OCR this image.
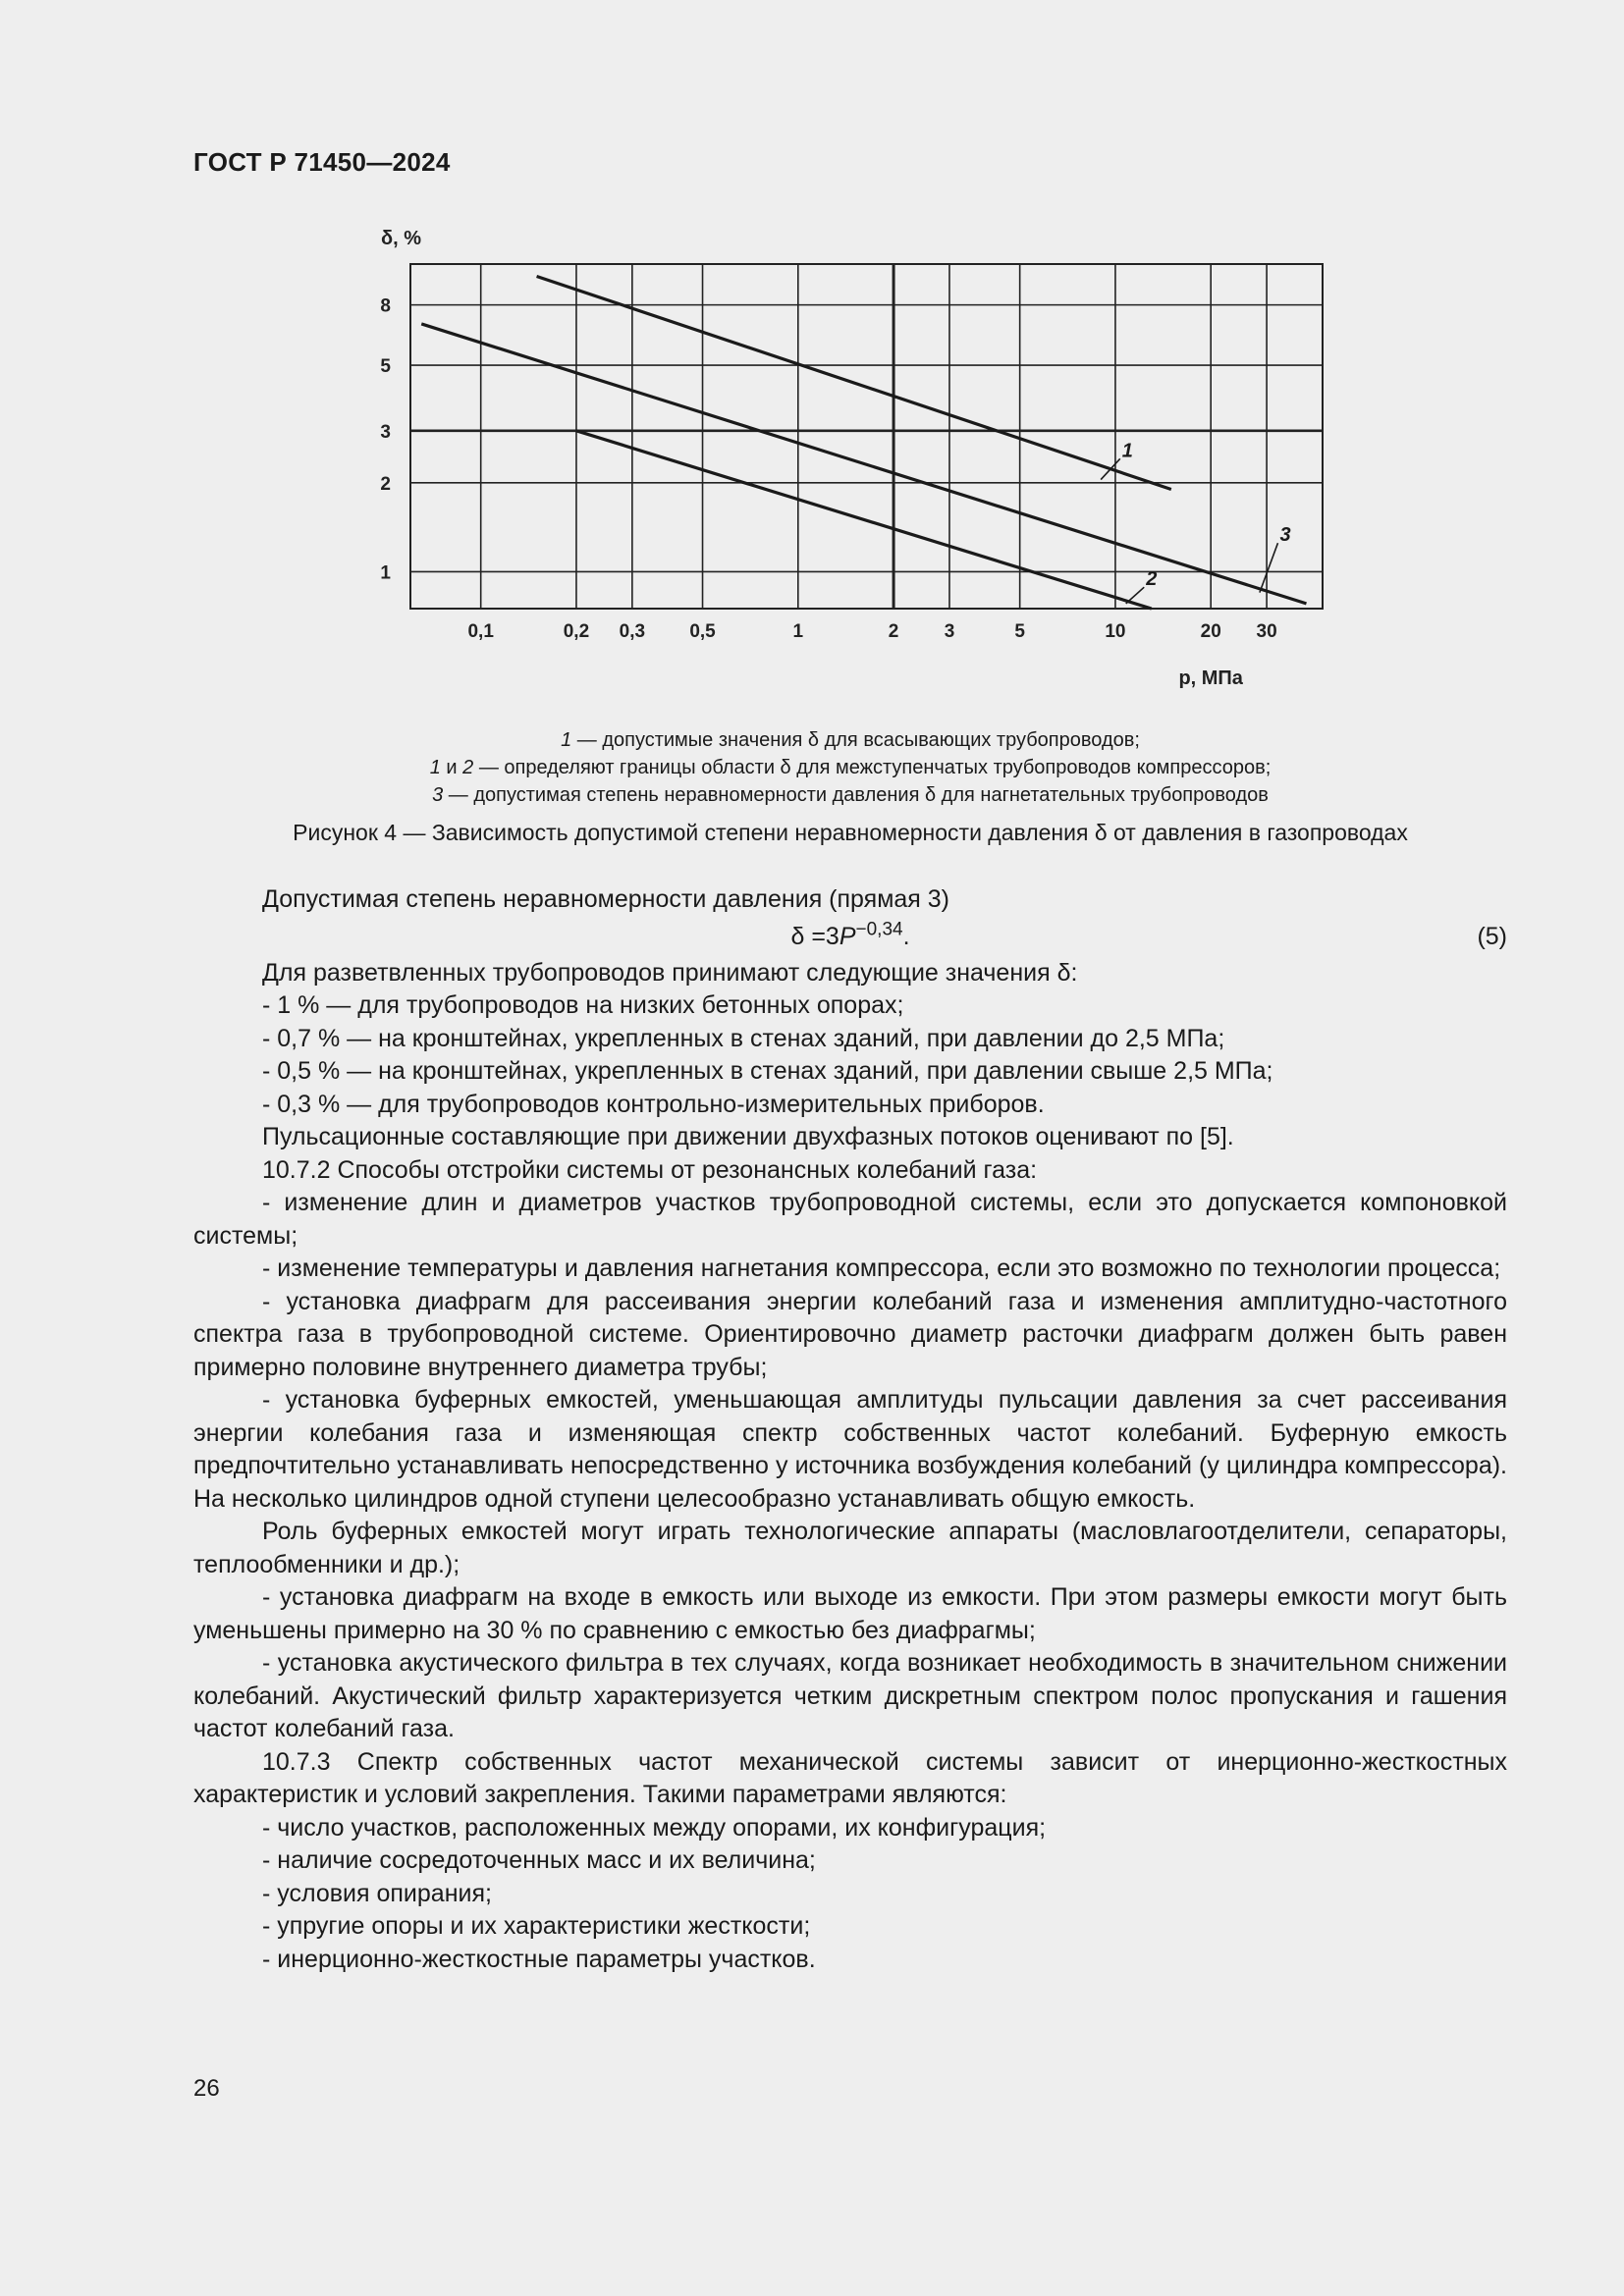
ГОСТ Р 71450—2024
0,1	0,2 0,3 0,5	1	2 3	5	10	20 30
8
5
3
2
1
δ, %
p, МПа
1
2
3
1 — допустимые значения δ для всасывающих трубопроводов;
1 и 2 — определяют границы области δ для межступенчатых трубопроводов компрессоров;
3 — допустимая степень неравномерности давления δ для нагнетательных трубопроводов
Рисунок 4 — Зависимость допустимой степени неравномерности давления δ от давления в газопроводах

Допустимая степень неравномерности давления (прямая 3)

$\delta =3P^{-0,34}$.	(5)

Для разветвленных трубопроводов принимают следующие значения δ:

- 1 % — для трубопроводов на низких бетонных опорах;

- 0,7 % — на кронштейнах, укрепленных в стенах зданий, при давлении до 2,5 МПа;

- 0,5 % — на кронштейнах, укрепленных в стенах зданий, при давлении свыше 2,5 МПа;

- 0,3 % — для трубопроводов контрольно-измерительных приборов.

Пульсационные составляющие при движении двухфазных потоков оценивают по [5].

10.7.2 Способы отстройки системы от резонансных колебаний газа:

- изменение длин и диаметров участков трубопроводной системы, если это допускается компоновкой системы;

- изменение температуры и давления нагнетания компрессора, если это возможно по технологии процесса;

- установка диафрагм для рассеивания энергии колебаний газа и изменения амплитудно-частотного спектра газа в трубопроводной системе. Ориентировочно диаметр расточки диафрагм должен быть равен примерно половине внутреннего диаметра трубы;

- установка буферных емкостей, уменьшающая амплитуды пульсации давления за счет рассеивания энергии колебания газа и изменяющая спектр собственных частот колебаний. Буферную емкость предпочтительно устанавливать непосредственно у источника возбуждения колебаний (у цилиндра компрессора). На несколько цилиндров одной ступени целесообразно устанавливать общую емкость.

Роль буферных емкостей могут играть технологические аппараты (масловлагоотделители, сепараторы, теплообменники и др.);

- установка диафрагм на входе в емкость или выходе из емкости. При этом размеры емкости могут быть уменьшены примерно на 30 % по сравнению с емкостью без диафрагмы;

- установка акустического фильтра в тех случаях, когда возникает необходимость в значительном снижении колебаний. Акустический фильтр характеризуется четким дискретным спектром полос пропускания и гашения частот колебаний газа.

10.7.3 Спектр собственных частот механической системы зависит от инерционно-жесткостных характеристик и условий закрепления. Такими параметрами являются:

- число участков, расположенных между опорами, их конфигурация;

- наличие сосредоточенных масс и их величина;

- условия опирания;

- упругие опоры и их характеристики жесткости;

- инерционно-жесткостные параметры участков.

26
